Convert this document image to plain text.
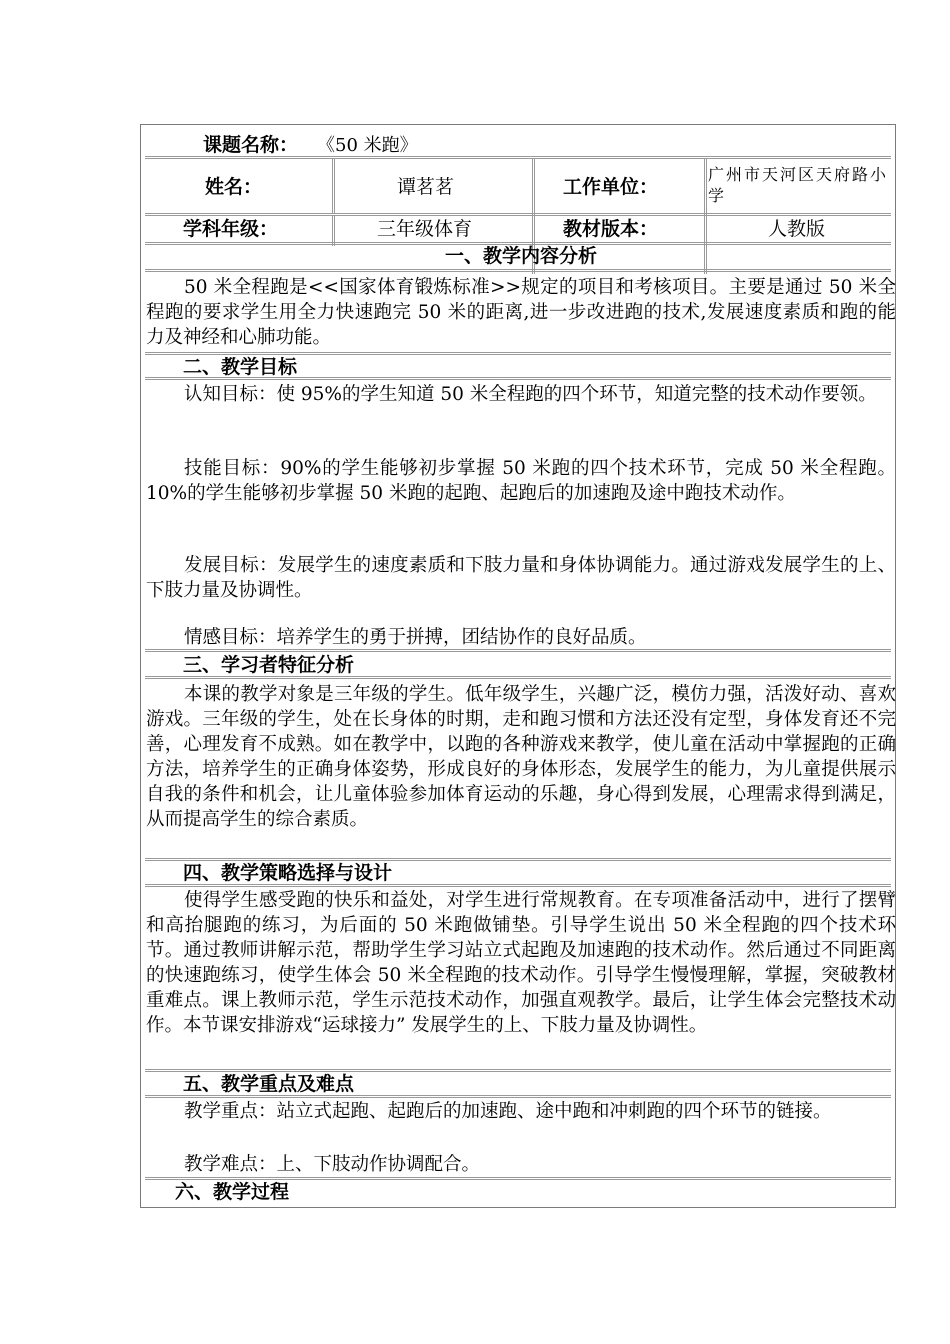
课题名称： 《50 米跑》
姓名：	谭茗茗	工作单位：
广州市天河区天府路小学
学科年级：	三年级体育	教材版本：	人教版
一、教学内容分析

50 米全程跑是<<国家体育锻炼标准>>规定的项目和考核项目。主要是通过 50 米全程跑的要求学生用全力快速跑完 50 米的距离,进一步改进跑的技术,发展速度素质和跑的能力及神经和心肺功能。

二、教学目标

认知目标：使 95%的学生知道 50 米全程跑的四个环节，知道完整的技术动作要领。

技能目标：90%的学生能够初步掌握 50 米跑的四个技术环节，完成 50 米全程跑。10%的学生能够初步掌握 50 米跑的起跑、起跑后的加速跑及途中跑技术动作。

发展目标：发展学生的速度素质和下肢力量和身体协调能力。通过游戏发展学生的上、下肢力量及协调性。

情感目标：培养学生的勇于拼搏，团结协作的良好品质。

三、学习者特征分析

本课的教学对象是三年级的学生。低年级学生，兴趣广泛，模仿力强，活泼好动、喜欢游戏。三年级的学生，处在长身体的时期，走和跑习惯和方法还没有定型，身体发育还不完善，心理发育不成熟。如在教学中，以跑的各种游戏来教学，使儿童在活动中掌握跑的正确方法，培养学生的正确身体姿势，形成良好的身体形态，发展学生的能力，为儿童提供展示自我的条件和机会，让儿童体验参加体育运动的乐趣，身心得到发展，心理需求得到满足，从而提高学生的综合素质。

四、教学策略选择与设计

使得学生感受跑的快乐和益处，对学生进行常规教育。在专项准备活动中，进行了摆臂和高抬腿跑的练习，为后面的 50 米跑做铺垫。引导学生说出 50 米全程跑的四个技术环节。通过教师讲解示范，帮助学生学习站立式起跑及加速跑的技术动作。然后通过不同距离的快速跑练习，使学生体会 50 米全程跑的技术动作。引导学生慢慢理解，掌握，突破教材重难点。课上教师示范，学生示范技术动作，加强直观教学。最后，让学生体会完整技术动作。本节课安排游戏“运球接力” 发展学生的上、下肢力量及协调性。

五、教学重点及难点

教学重点：站立式起跑、起跑后的加速跑、途中跑和冲刺跑的四个环节的链接。

教学难点：上、下肢动作协调配合。

六、教学过程
